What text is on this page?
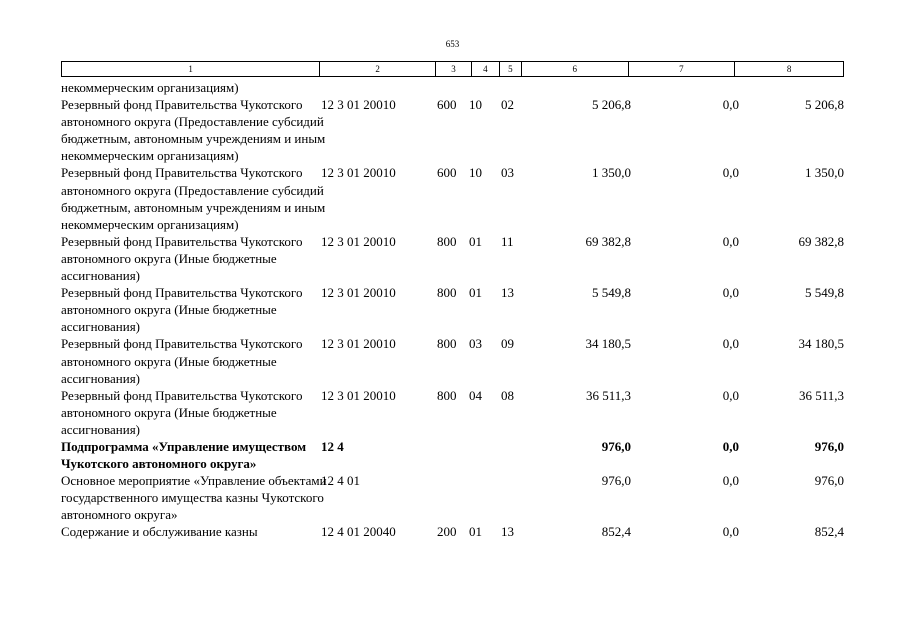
653
1	2	3	4	5	6	7	8
некоммерческим организациям)
Резервный фонд Правительства Чукотского автономного округа (Предоставление субсидий бюджетным, автономным учреждениям и иным некоммерческим организациям)
12 3 01 20010	600 10 02	5 206,8	0,0	5 206,8
Резервный фонд Правительства Чукотского автономного округа (Предоставление субсидий бюджетным, автономным учреждениям и иным некоммерческим организациям)
12 3 01 20010	600 10 03	1 350,0	0,0	1 350,0
Резервный фонд Правительства Чукотского автономного округа (Иные бюджетные ассигнования)
12 3 01 20010	800 01 11	69 382,8	0,0	69 382,8
Резервный фонд Правительства Чукотского автономного округа (Иные бюджетные ассигнования)
12 3 01 20010	800 01 13	5 549,8	0,0	5 549,8
Резервный фонд Правительства Чукотского автономного округа (Иные бюджетные ассигнования)
12 3 01 20010	800 03 09	34 180,5	0,0	34 180,5
Резервный фонд Правительства Чукотского автономного округа (Иные бюджетные ассигнования)
12 3 01 20010	800 04 08	36 511,3	0,0	36 511,3
Подпрограмма «Управление имуществом Чукотского автономного округа»
12 4	976,0	0,0	976,0
Основное мероприятие «Управление объектами государственного имущества казны Чукотского автономного округа»
12 4 01	976,0	0,0	976,0
Содержание и обслуживание казны	12 4 01 20040	200 01 13	852,4	0,0	852,4
